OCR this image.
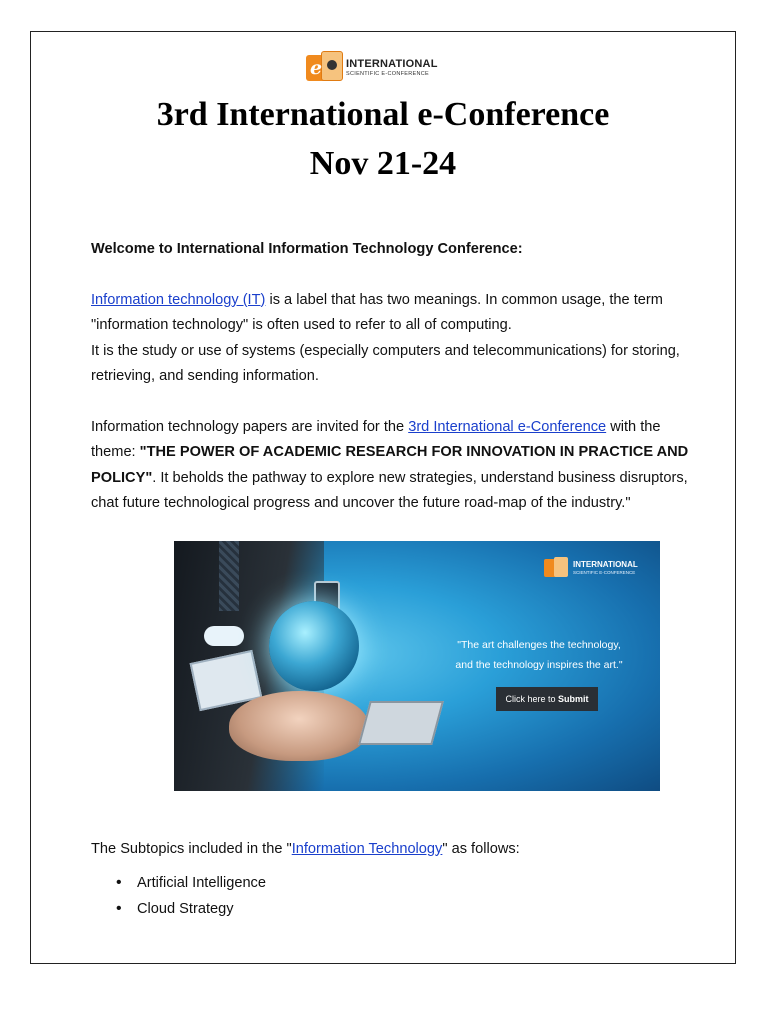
e INTERNATIONAL
SCIENTIFIC E-CONFERENCE
3rd International e-Conference
Nov 21-24

Welcome to International Information Technology Conference:

Information technology (IT) is a label that has two meanings. In common usage, the term "information technology" is often used to refer to all of computing.
It is the study or use of systems (especially computers and telecommunications) for storing, retrieving, and sending information.

Information technology papers are invited for the 3rd International e-Conference with the theme: "THE POWER OF ACADEMIC RESEARCH FOR INNOVATION IN PRACTICE AND POLICY". It beholds the pathway to explore new strategies, understand business disruptors, chat future technological progress and uncover the future road-map of the industry."

INTERNATIONAL
SCIENTIFIC E-CONFERENCE
"The art challenges the technology,
and the technology inspires the art."
Click here to Submit

The Subtopics included in the "Information Technology" as follows:

• Artificial Intelligence
• Cloud Strategy
